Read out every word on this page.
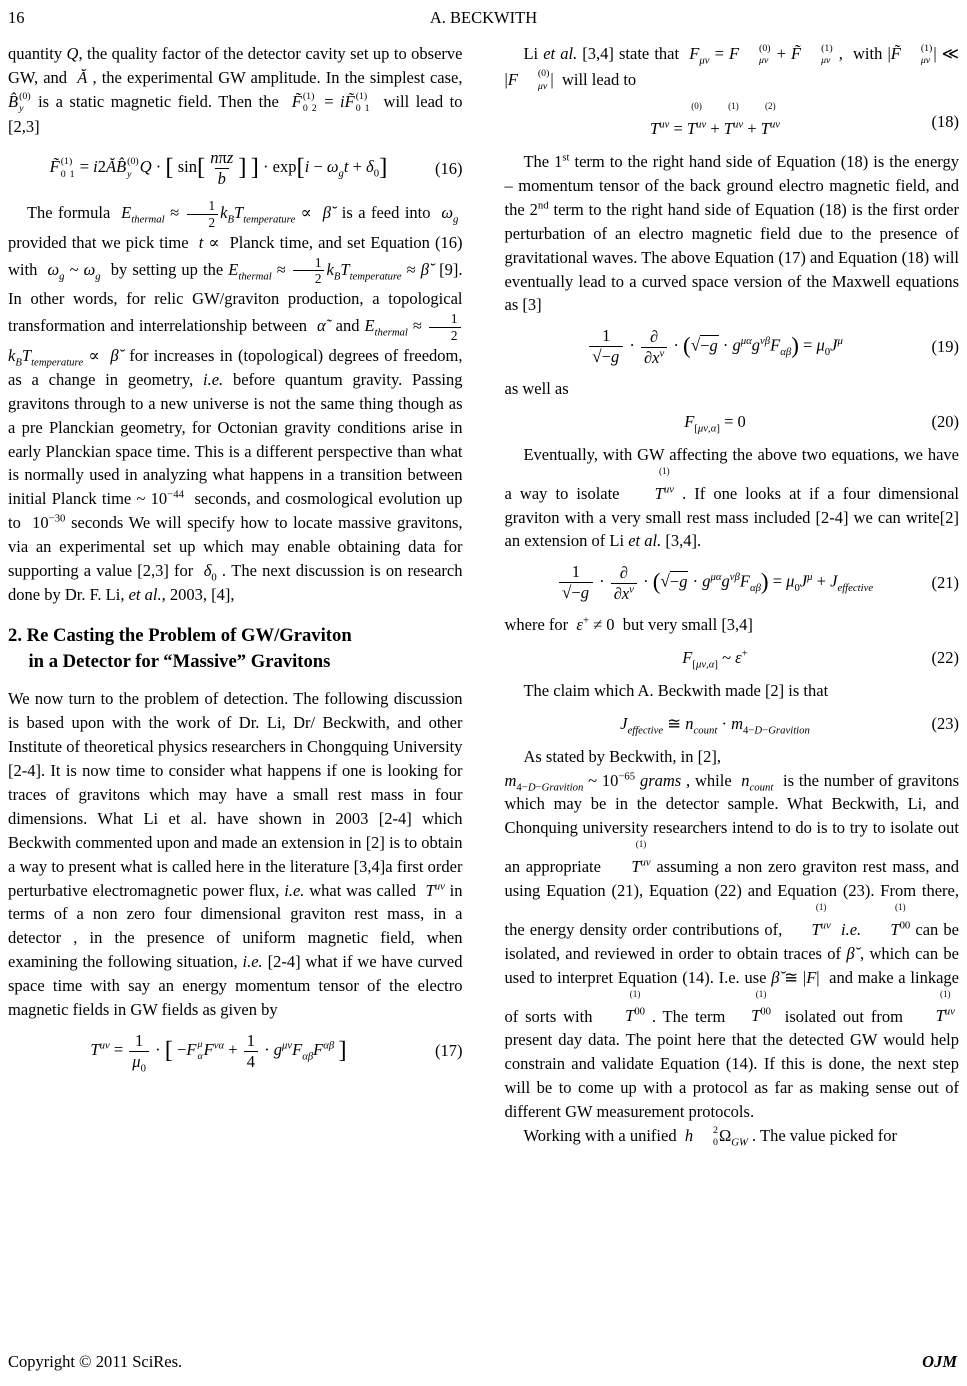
16	A. BECKWITH

quantity Q, the quality factor of the detector cavity set up to observe GW, and  Ă , the experimental GW amplitude. In the simplest case, B̂ (0)
y is a static magnetic field. Then the  F̃ (1)
0  2 = iF̃ (1)
0  1 will lead to [2,3]

F̃ (1)
0  1 = i2ĂB̂ (0)
y Q · [ $\sin[ \frac{\text{nπz}}{b}$ ] ] · $\exp[i - \omega_gt + \delta_0]$	(16)

The formula  $E_{thermal} \approx \frac{1}{2} k_BT_{temperature}$ ∝  β̆  is a feed into  $\omega_g$  provided that we pick time  t ∝  Planck time, and set Equation (16) with  $\omega_g$ ~ $\omega_g$  by setting up the $E_{thermal} \approx \frac{1}{2} k_BT_{temperature}$ ≈ β̆  [9]. In other words, for relic GW/graviton production, a topological transformation and interrelationship between  α̃  and $E_{thermal} \approx \frac{1}{2}$
$k_BT_{temperature}$ ∝  β̆  for increases in (topological) degrees of freedom, as a change in geometry, i.e. before quantum gravity. Passing gravitons through to a new universe is not the same thing though as a pre Planckian geometry, for Octonian gravity conditions arise in early Planckian space time. This is a different perspective than what is normally used in analyzing what happens in a transition between initial Planck time ~ $10^{-44}$  seconds, and cosmological evolution up to  $10^{-30}$ seconds We will specify how to locate massive gravitons, via an experimental set up which may enable obtaining data for supporting a value [2,3] for  $\delta_0$ . The next discussion is on research done by Dr. F. Li, et al., 2003, [4],

2. Re Casting the Problem of GW/Graviton
in a Detector for “Massive” Gravitons

We now turn to the problem of detection. The following discussion is based upon with the work of Dr. Li, Dr/ Beckwith, and other Institute of theoretical physics researchers in Chongquing University [2-4]. It is now time to consider what happens if one is looking for traces of gravitons which may have a small rest mass in four dimensions. What Li et al. have shown in 2003 [2-4] which Beckwith commented upon and made an extension in [2] is to obtain a way to present what is called here in the literature [3,4]a first order perturbative electromagnetic power flux, i.e. what was called  $T^{uv}$ in terms of a non zero four dimensional graviton rest mass, in a detector , in the presence of uniform magnetic field, when examining the following situation, i.e. [2-4] what if we have curved space time with say an energy momentum tensor of the electro magnetic fields in GW fields as given by

$T^{uv} = \frac{1}{\mu_0}$ · [ −F μ
α $F^{\nu\alpha} + \frac{1}{4} \cdot g^{\mu\nu}F_{\alpha\beta}F^{\alpha\beta}$ ]	(17)

Li et al. [3,4] state that  $F_{\mu\nu} = F$	(0)
μν + F̃	(1)
μν ,  with |F̃	(1)
μν | ≪ |F	(0)
μν |  will lead to

$T^{uv}$ =
(0)
$T^{uv}$ +
(1)
$T^{uv}$ +
(2)
$T^{uv}$	(18)

The 1st term to the right hand side of Equation (18) is the energy – momentum tensor of the back ground electro magnetic field, and the 2nd term to the right hand side of Equation (18) is the first order perturbation of an electro magnetic field due to the presence of gravitational waves. The above Equation (17) and Equation (18) will eventually lead to a curved space version of the Maxwell equations as [3]

$\frac{1}{√-g} \cdot \frac{\partial}{\partial x^\nu} \cdot (√-g \cdot g^{\mu\alpha}g^{\nu\beta}F_{\alpha\beta}) = \mu_0J^\mu$	(19)

as well as

$F_{[\mu\nu,\alpha]} = 0$	(20)

Eventually, with GW affecting the above two equations, we have a way to isolate
(1)
$T^{uv}$ . If one looks at if a four dimensional graviton with a very small rest mass included [2-4] we can write[2] an extension of Li et al. [3,4].

$\frac{1}{√-g} \cdot \frac{\partial}{\partial x^\nu} \cdot (√-g \cdot g^{\mu\alpha}g^{\nu\beta}F_{\alpha\beta}) = \mu_0J^\mu + J_{effective}$	(21)

where for  ε+ ≠ 0  but very small [3,4]

$F_{[\mu\nu,\alpha]}$ ~ ε+	(22)

The claim which A. Beckwith made [2] is that

$J_{effective}$ ≅ $n_{count} \cdot m_{4-D-Gravition}$	(23)

As stated by Beckwith, in [2],
$m_{4-D-Gravition}$ ~ $10^{-65}$ grams , while  $n_{count}$  is the number of gravitons which may be in the detector sample. What Beckwith, Li, and Chonquing university researchers intend to do is to try to isolate out an appropriate
(1)
$T^{uv}$ assuming a non zero graviton rest mass, and using Equation (21), Equation (22) and Equation (23). From there, the energy density order contributions of,
(1)
$T^{uv}$ i.e.
(1)
$T^{00}$ can be isolated, and reviewed in order to obtain traces of β̆ , which can be used to interpret Equation (14). I.e. use β̆ ≅ |F|  and make a linkage of sorts with
(1)
$T^{00}$ . The term
(1)
$T^{00}$  isolated out from
(1)
$T^{uv}$  present day data. The point here that the detected GW would help constrain and validate Equation (14). If this is done, the next step will be to come up with a protocol as far as making sense out of different GW measurement protocols.

Working with a unified  h	2
0 $\Omega_{GW}$ . The value picked for

Copyright © 2011 SciRes.	OJM
